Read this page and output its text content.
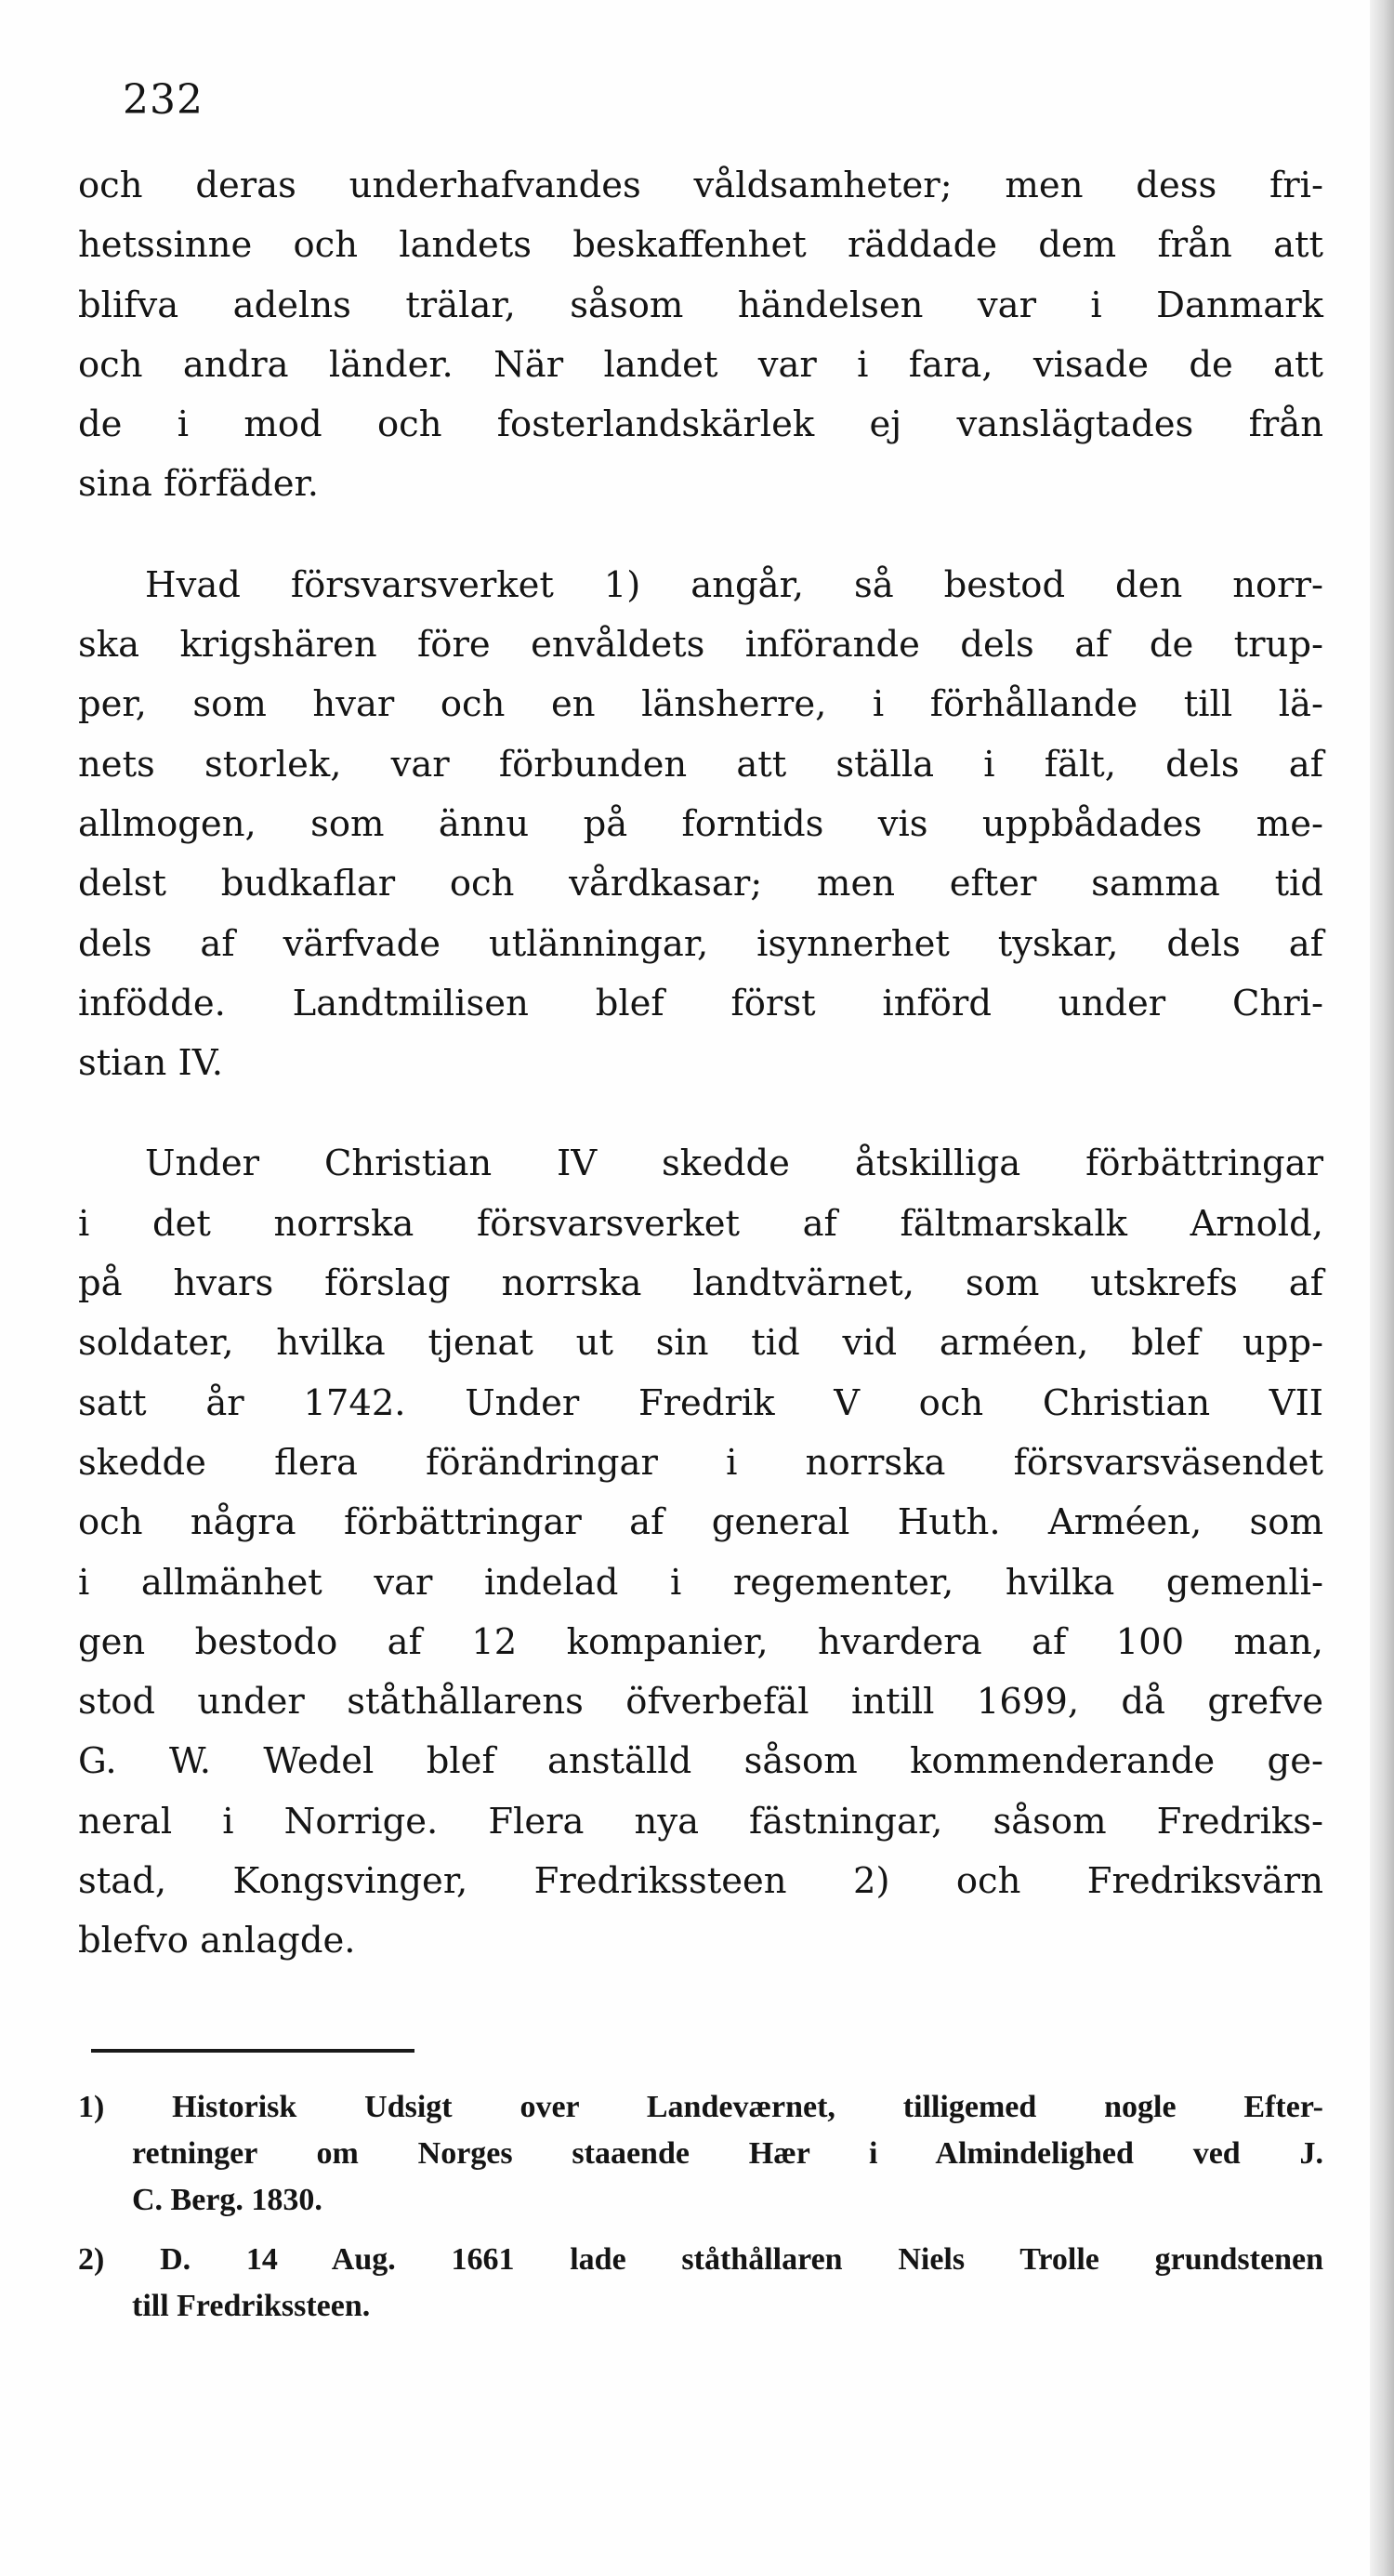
232
och deras underhafvandes våldsamheter; men dess fri-
hetssinne och landets beskaffenhet räddade dem från att
blifva adelns trälar, såsom händelsen var i Danmark
och andra länder. När landet var i fara, visade de att
de i mod och fosterlandskärlek ej vanslägtades från
sina förfäder.
Hvad försvarsverket 1) angår, så bestod den norr-
ska krigshären före envåldets införande dels af de trup-
per, som hvar och en länsherre, i förhållande till lä-
nets storlek, var förbunden att ställa i fält, dels af
allmogen, som ännu på forntids vis uppbådades me-
delst budkaflar och vårdkasar; men efter samma tid
dels af värfvade utlänningar, isynnerhet tyskar, dels af
infödde. Landtmilisen blef först införd under Chri-
stian IV.
Under Christian IV skedde åtskilliga förbättringar
i det norrska försvarsverket af fältmarskalk Arnold,
på hvars förslag norrska landtvärnet, som utskrefs af
soldater, hvilka tjenat ut sin tid vid arméen, blef upp-
satt år 1742. Under Fredrik V och Christian VII
skedde flera förändringar i norrska försvarsväsendet
och några förbättringar af general Huth. Arméen, som
i allmänhet var indelad i regementer, hvilka gemenli-
gen bestodo af 12 kompanier, hvardera af 100 man,
stod under ståthållarens öfverbefäl intill 1699, då grefve
G. W. Wedel blef anställd såsom kommenderande ge-
neral i Norrige. Flera nya fästningar, såsom Fredriks-
stad, Kongsvinger, Fredrikssteen 2) och Fredriksvärn
blefvo anlagde.
1) Historisk Udsigt over Landeværnet, tilligemed nogle Efter-
retninger om Norges staaende Hær i Almindelighed ved J.
C. Berg. 1830.
2) D. 14 Aug. 1661 lade ståthållaren Niels Trolle grundstenen
till Fredrikssteen.
